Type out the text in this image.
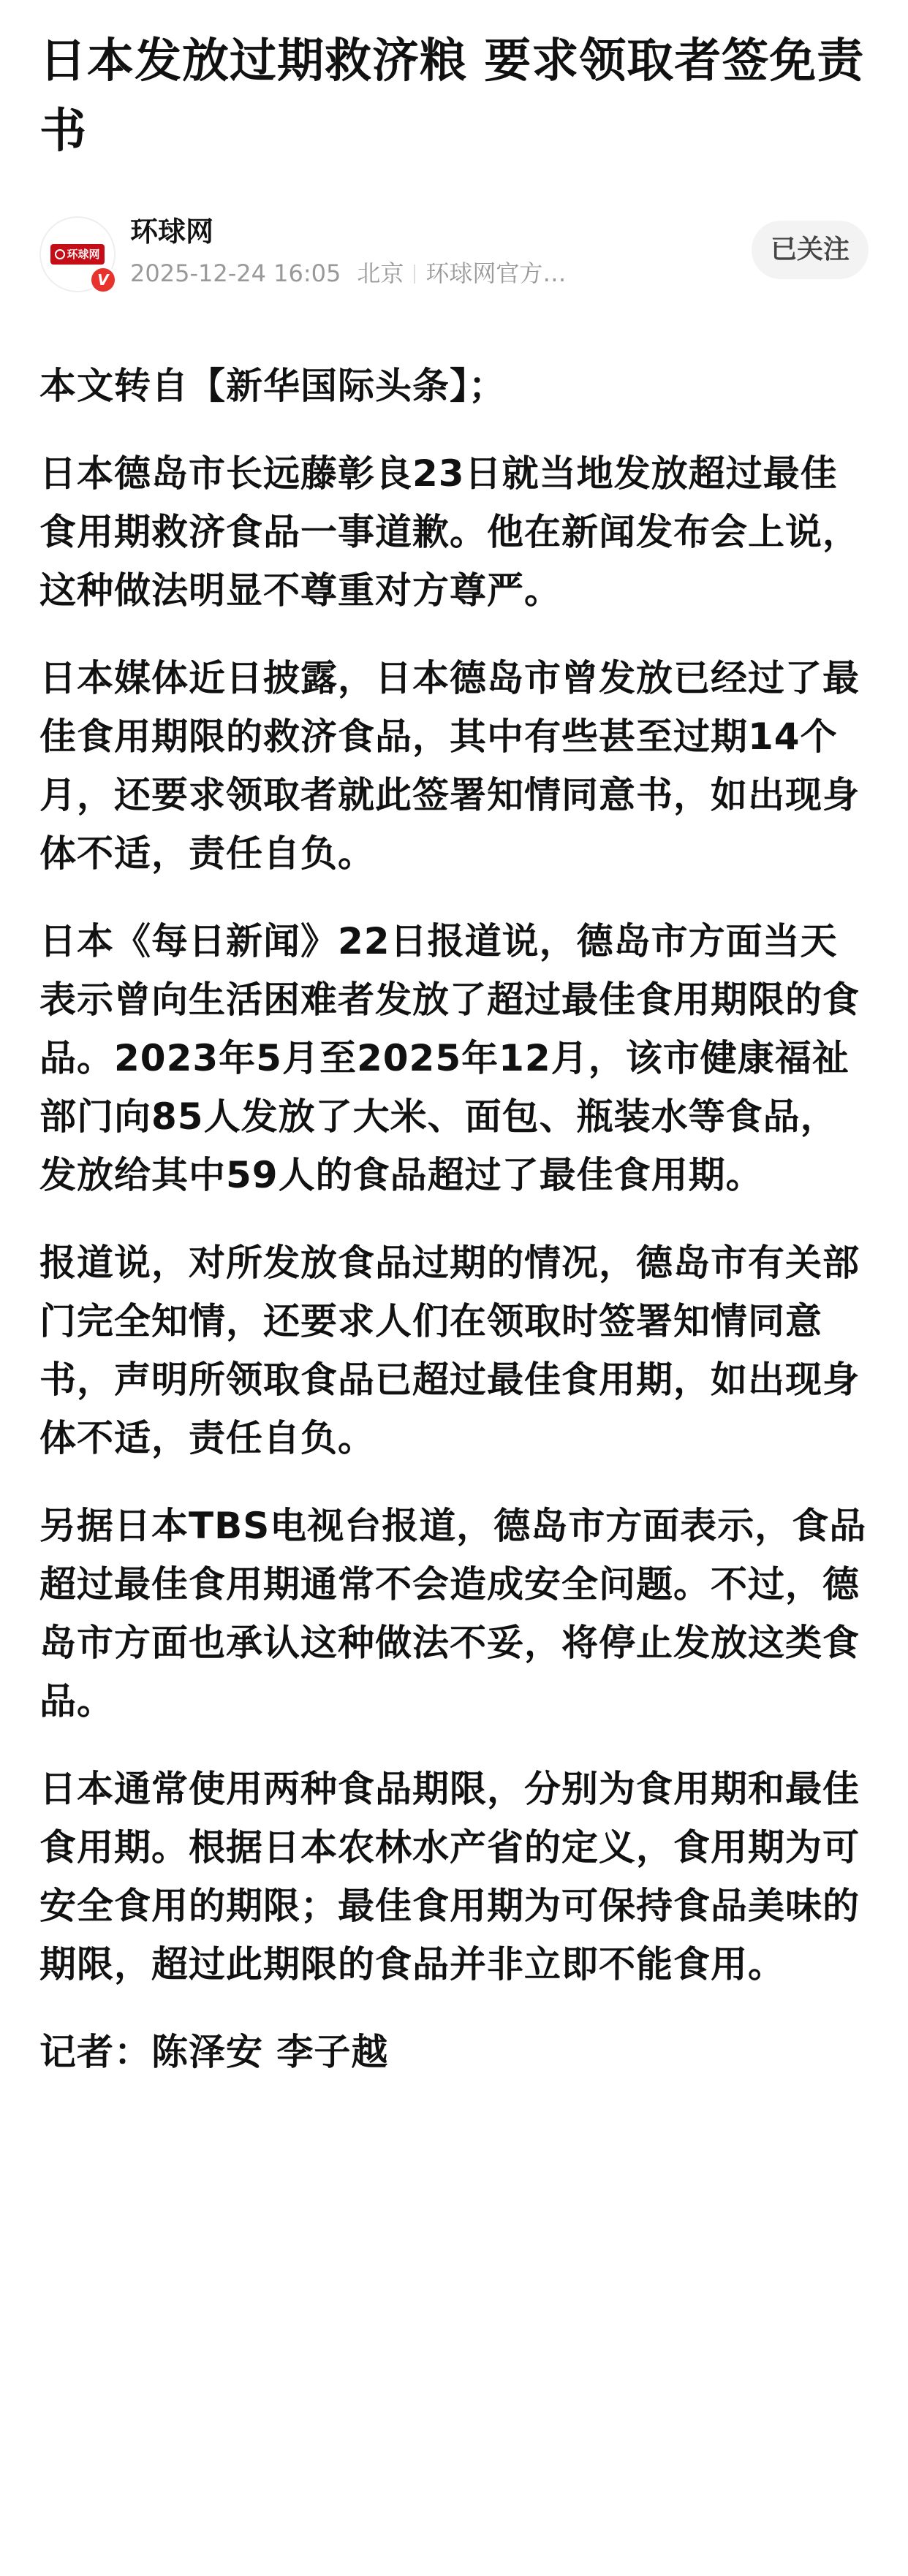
日本发放过期救济粮 要求领取者签免责书
环球网
V
环球网
2025-12-24 16:05 北京 环球网官方…
已关注

本文转自【新华国际头条】；

日本德岛市长远藤彰良23日就当地发放超过最佳食用期救济食品一事道歉。他在新闻发布会上说，这种做法明显不尊重对方尊严。

日本媒体近日披露，日本德岛市曾发放已经过了最佳食用期限的救济食品，其中有些甚至过期14个月，还要求领取者就此签署知情同意书，如出现身体不适，责任自负。

日本《每日新闻》22日报道说，德岛市方面当天表示曾向生活困难者发放了超过最佳食用期限的食品。2023年5月至2025年12月，该市健康福祉部门向85人发放了大米、面包、瓶装水等食品，发放给其中59人的食品超过了最佳食用期。

报道说，对所发放食品过期的情况，德岛市有关部门完全知情，还要求人们在领取时签署知情同意书，声明所领取食品已超过最佳食用期，如出现身体不适，责任自负。

另据日本TBS电视台报道，德岛市方面表示，食品超过最佳食用期通常不会造成安全问题。不过，德岛市方面也承认这种做法不妥，将停止发放这类食品。

日本通常使用两种食品期限，分别为食用期和最佳食用期。根据日本农林水产省的定义，食用期为可安全食用的期限；最佳食用期为可保持食品美味的期限，超过此期限的食品并非立即不能食用。

记者：陈泽安 李子越
